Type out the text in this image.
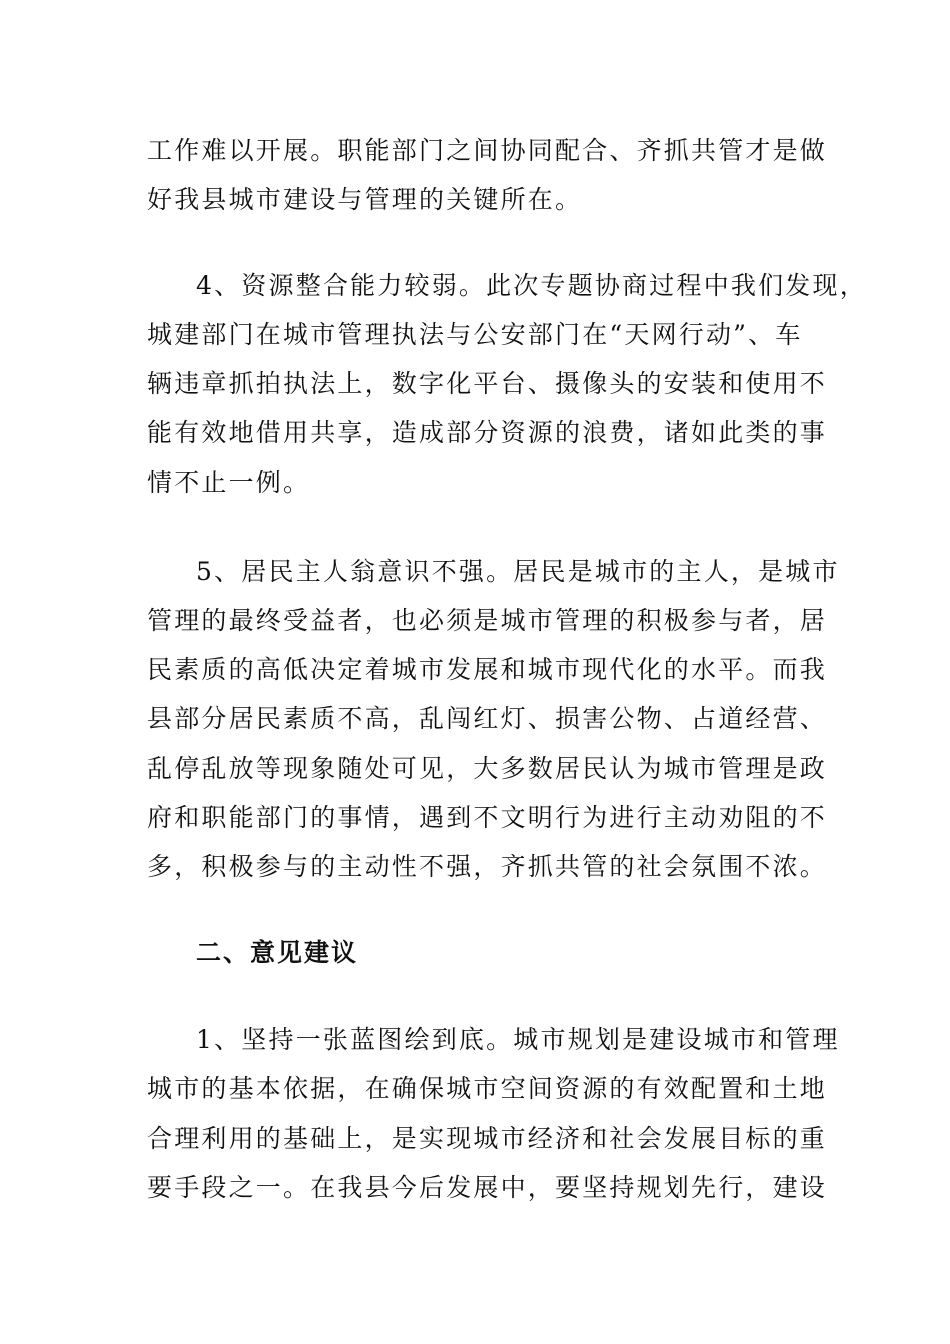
工作难以开展。职能部门之间协同配合、齐抓共管才是做
好我县城市建设与管理的关键所在。
4、资源整合能力较弱。此次专题协商过程中我们发现，
城建部门在城市管理执法与公安部门在“天网行动”、车
辆违章抓拍执法上，数字化平台、摄像头的安装和使用不
能有效地借用共享，造成部分资源的浪费，诸如此类的事
情不止一例。
5、居民主人翁意识不强。居民是城市的主人，是城市
管理的最终受益者，也必须是城市管理的积极参与者，居
民素质的高低决定着城市发展和城市现代化的水平。而我
县部分居民素质不高，乱闯红灯、损害公物、占道经营、
乱停乱放等现象随处可见，大多数居民认为城市管理是政
府和职能部门的事情，遇到不文明行为进行主动劝阻的不
多，积极参与的主动性不强，齐抓共管的社会氛围不浓。
二、意见建议
1、坚持一张蓝图绘到底。城市规划是建设城市和管理
城市的基本依据，在确保城市空间资源的有效配置和土地
合理利用的基础上，是实现城市经济和社会发展目标的重
要手段之一。在我县今后发展中，要坚持规划先行，建设
